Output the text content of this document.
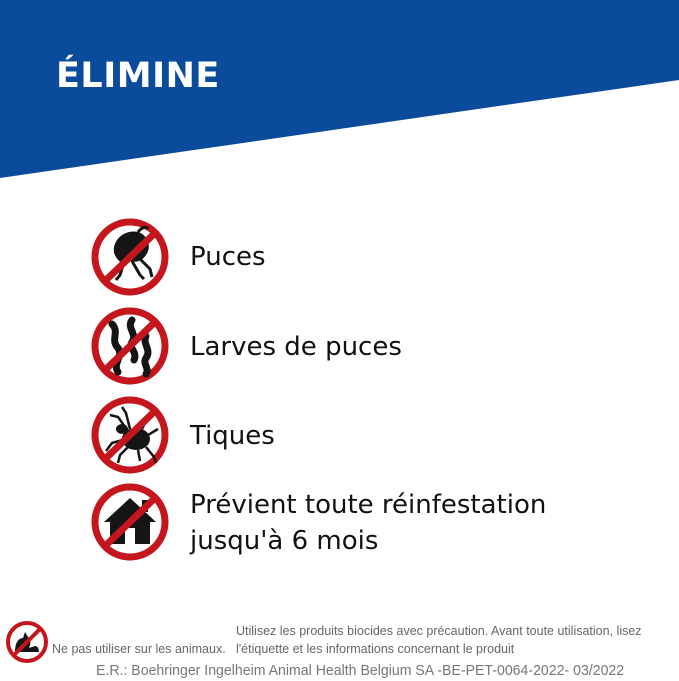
ÉLIMINE
Puces
Larves de puces
Tiques
Prévient toute réinfestation
jusqu'à 6 mois
Utilisez les produits biocides avec précaution. Avant toute utilisation, lisez
Ne pas utiliser sur les animaux. l'étiquette et les informations concernant le produit
E.R.: Boehringer Ingelheim Animal Health Belgium SA -BE-PET-0064-2022- 03/2022
